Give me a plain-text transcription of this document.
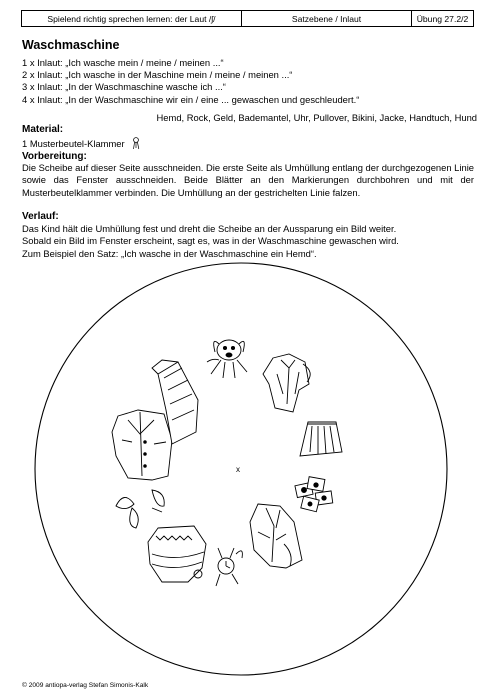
Spielend richtig sprechen lernen: der Laut /ʃ/	Satzebene / Inlaut	Übung 27.2/2
Waschmaschine
1 x Inlaut: „Ich wasche mein / meine / meinen ...“
2 x Inlaut: „Ich wasche in der Maschine mein / meine / meinen ...“
3 x Inlaut: „In der Waschmaschine wasche ich ...“
4 x Inlaut: „In der Waschmaschine wir ein / eine ... gewaschen und geschleudert.“
Hemd, Rock, Geld, Bademantel, Uhr, Pullover, Bikini, Jacke, Handtuch, Hund
Material:
1 Musterbeutel-Klammer
Vorbereitung:
Die Scheibe auf dieser Seite ausschneiden. Die erste Seite als Umhüllung entlang der durchgezogenen Linie sowie das Fenster ausschneiden. Beide Blätter an den Markierungen durchbohren und mit der Musterbeutelklammer verbinden. Die Umhüllung an der gestrichelten Linie falzen.
Verlauf:
Das Kind hält die Umhüllung fest und dreht die Scheibe an der Aussparung ein Bild weiter.
Sobald ein Bild im Fenster erscheint, sagt es, was in der Waschmaschine gewaschen wird.
Zum Beispiel den Satz: „Ich wasche in der Waschmaschine ein Hemd“.
x
© 2009 antiopa-verlag Stefan Simonis-Kalk
